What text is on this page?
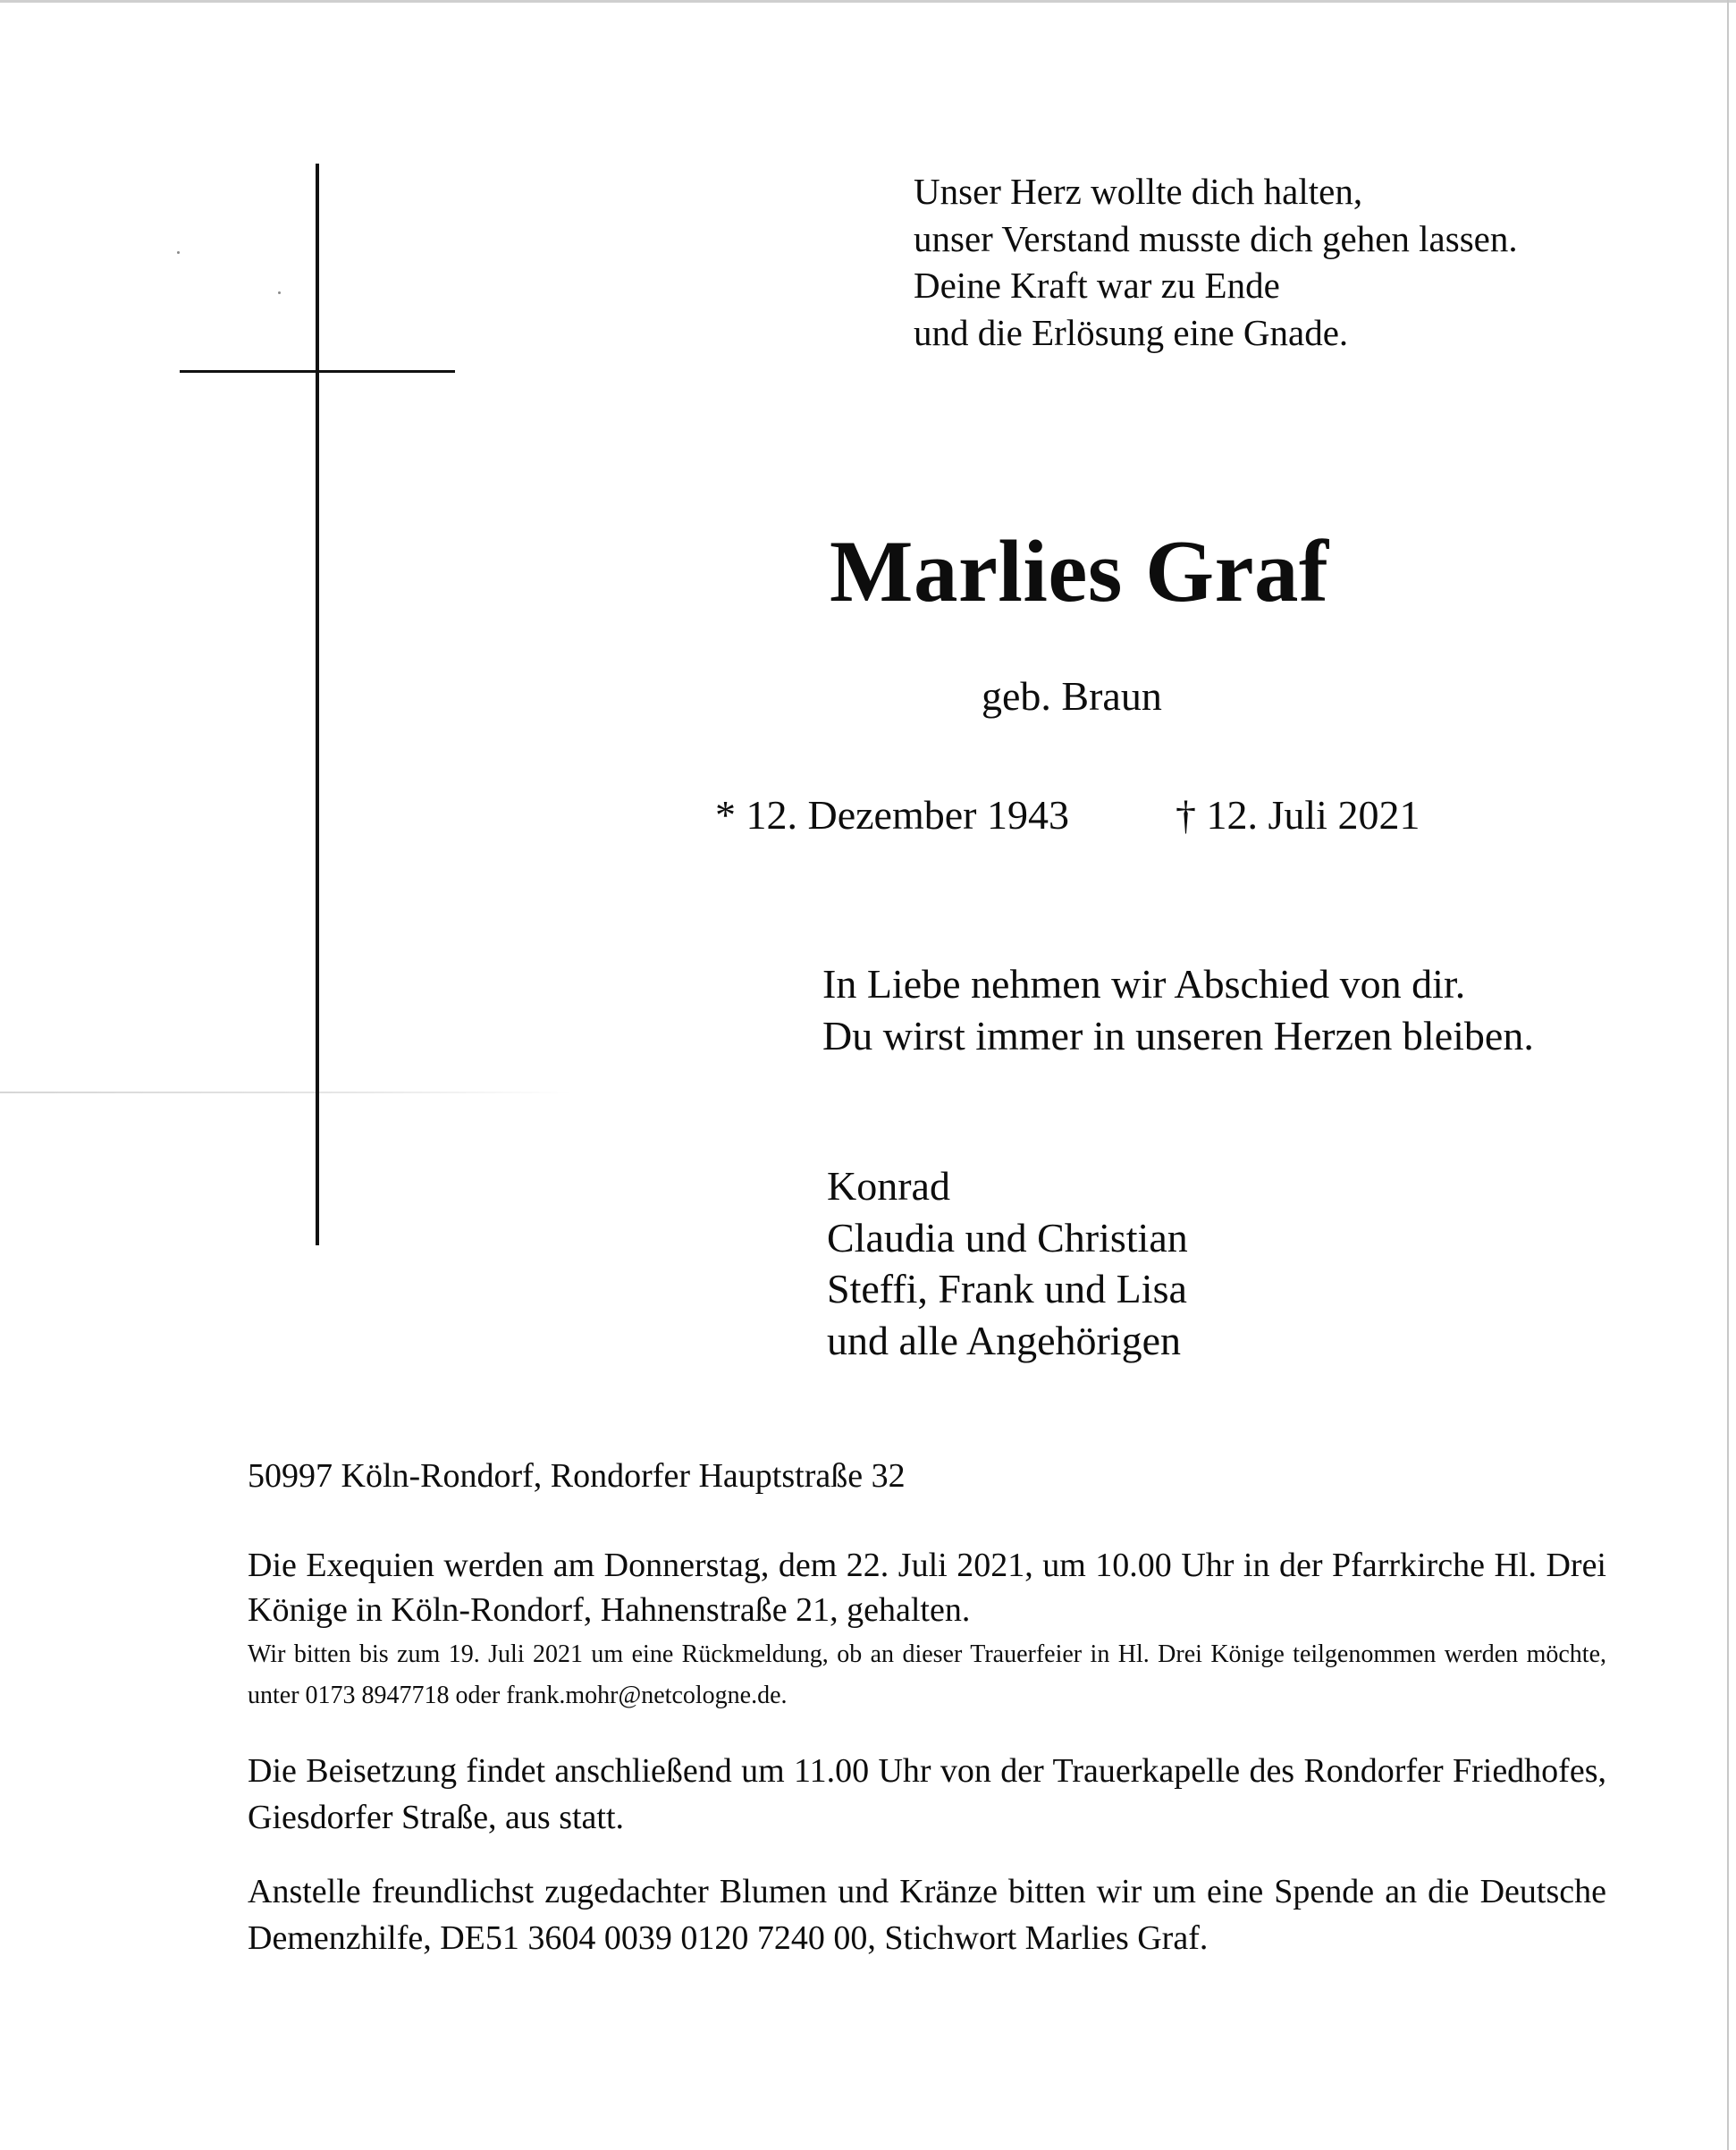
Unser Herz wollte dich halten,
unser Verstand musste dich gehen lassen.
Deine Kraft war zu Ende
und die Erlösung eine Gnade.
Marlies Graf
geb. Braun
* 12. Dezember 1943	† 12. Juli 2021
In Liebe nehmen wir Abschied von dir.
Du wirst immer in unseren Herzen bleiben.
Konrad
Claudia und Christian
Steffi, Frank und Lisa
und alle Angehörigen
50997 Köln-Rondorf, Rondorfer Hauptstraße 32
Die Exequien werden am Donnerstag, dem 22. Juli 2021, um 10.00 Uhr in der Pfarrkirche Hl. Drei Könige in Köln-Rondorf, Hahnenstraße 21, gehalten.
Wir bitten bis zum 19. Juli 2021 um eine Rückmeldung, ob an dieser Trauerfeier in Hl. Drei Könige teilgenommen werden möchte, unter 0173 8947718 oder frank.mohr@netcologne.de.
Die Beisetzung findet anschließend um 11.00 Uhr von der Trauerkapelle des Rondorfer Friedhofes, Giesdorfer Straße, aus statt.
Anstelle freundlichst zugedachter Blumen und Kränze bitten wir um eine Spende an die Deutsche Demenzhilfe, DE51 3604 0039 0120 7240 00, Stichwort Marlies Graf.
